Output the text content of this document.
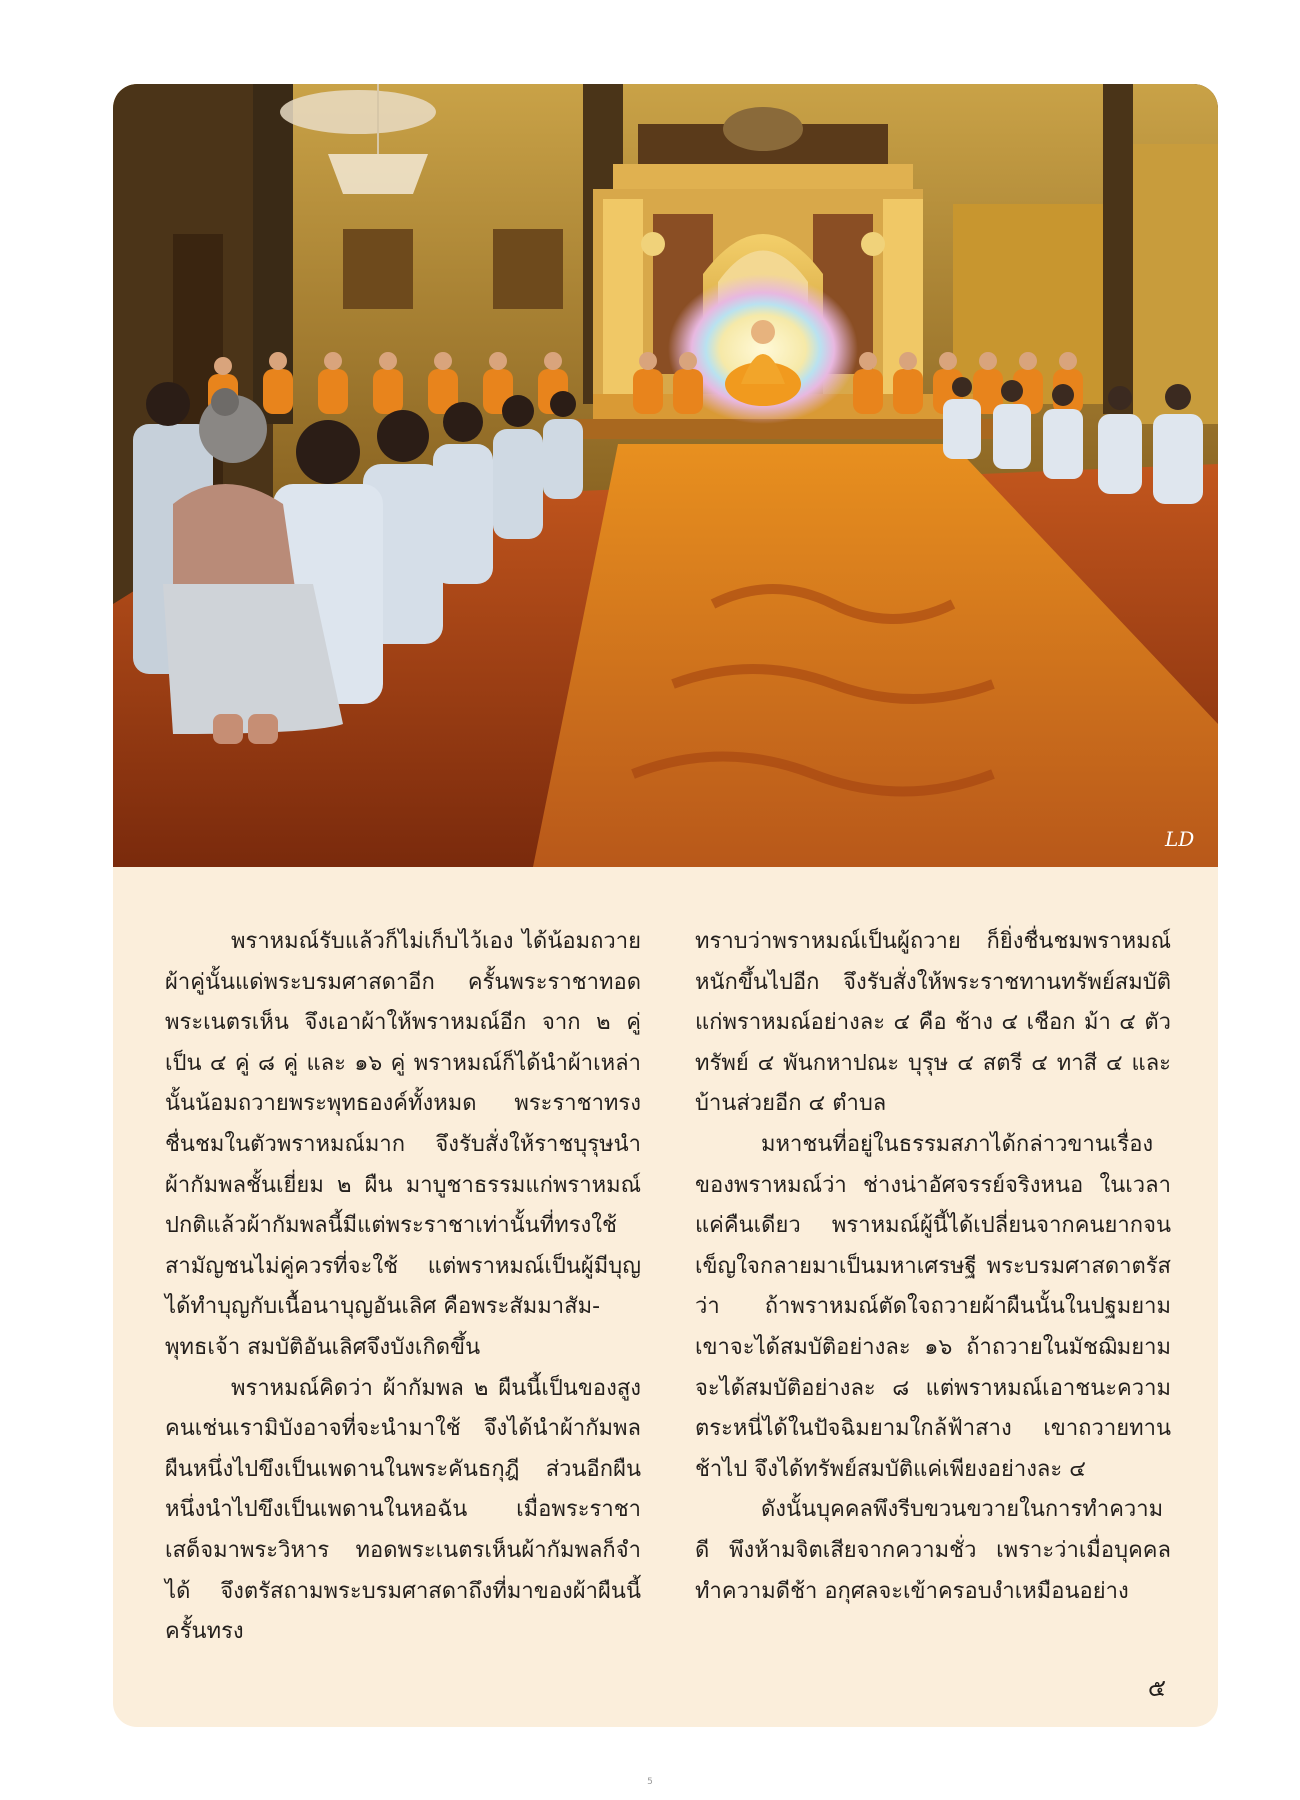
LD

พราหมณ์รับแล้วก็ไม่เก็บไว้เอง ได้น้อมถวายผ้าคู่นั้นแด่พระบรมศาสดาอีก ครั้นพระราชาทอดพระเนตรเห็น จึงเอาผ้าให้พราหมณ์อีก จาก ๒ คู่ เป็น ๔ คู่ ๘ คู่ และ ๑๖ คู่ พราหมณ์ก็ได้นำผ้าเหล่านั้นน้อมถวายพระพุทธองค์ทั้งหมด พระราชาทรงชื่นชมในตัวพราหมณ์มาก จึงรับสั่งให้ราชบุรุษนำผ้ากัมพลชั้นเยี่ยม ๒ ผืน มาบูชาธรรมแก่พราหมณ์ ปกติแล้วผ้ากัมพลนี้มีแต่พระราชาเท่านั้นที่ทรงใช้ สามัญชนไม่คู่ควรที่จะใช้ แต่พราหมณ์เป็นผู้มีบุญ ได้ทำบุญกับเนื้อนาบุญอันเลิศ คือพระสัมมาสัม-
พุทธเจ้า สมบัติอันเลิศจึงบังเกิดขึ้น

พราหมณ์คิดว่า ผ้ากัมพล ๒ ผืนนี้เป็นของสูง คนเช่นเรามิบังอาจที่จะนำมาใช้ จึงได้นำผ้ากัมพลผืนหนึ่งไปขึงเป็นเพดานในพระคันธกุฎี ส่วนอีกผืนหนึ่งนำไปขึงเป็นเพดานในหอฉัน เมื่อพระราชาเสด็จมาพระวิหาร ทอดพระเนตรเห็นผ้ากัมพลก็จำได้ จึงตรัสถามพระบรมศาสดาถึงที่มาของผ้าผืนนี้ ครั้นทรง

ทราบว่าพราหมณ์เป็นผู้ถวาย ก็ยิ่งชื่นชมพราหมณ์หนักขึ้นไปอีก จึงรับสั่งให้พระราชทานทรัพย์สมบัติแก่พราหมณ์อย่างละ ๔ คือ ช้าง ๔ เชือก ม้า ๔ ตัว ทรัพย์ ๔ พันกหาปณะ บุรุษ ๔ สตรี ๔ ทาสี ๔ และบ้านส่วยอีก ๔ ตำบล

มหาชนที่อยู่ในธรรมสภาได้กล่าวขานเรื่องของพราหมณ์ว่า ช่างน่าอัศจรรย์จริงหนอ ในเวลาแค่คืนเดียว พราหมณ์ผู้นี้ได้เปลี่ยนจากคนยากจนเข็ญใจกลายมาเป็นมหาเศรษฐี พระบรมศาสดาตรัสว่า ถ้าพราหมณ์ตัดใจถวายผ้าผืนนั้นในปฐมยาม เขาจะได้สมบัติอย่างละ ๑๖ ถ้าถวายในมัชฌิมยามจะได้สมบัติอย่างละ ๘ แต่พราหมณ์เอาชนะความตระหนี่ได้ในปัจฉิมยามใกล้ฟ้าสาง เขาถวายทานช้าไป จึงได้ทรัพย์สมบัติแค่เพียงอย่างละ ๔

ดังนั้นบุคคลพึงรีบขวนขวายในการทำความดี พึงห้ามจิตเสียจากความชั่ว เพราะว่าเมื่อบุคคลทำความดีช้า อกุศลจะเข้าครอบงำเหมือนอย่าง

๕
5
